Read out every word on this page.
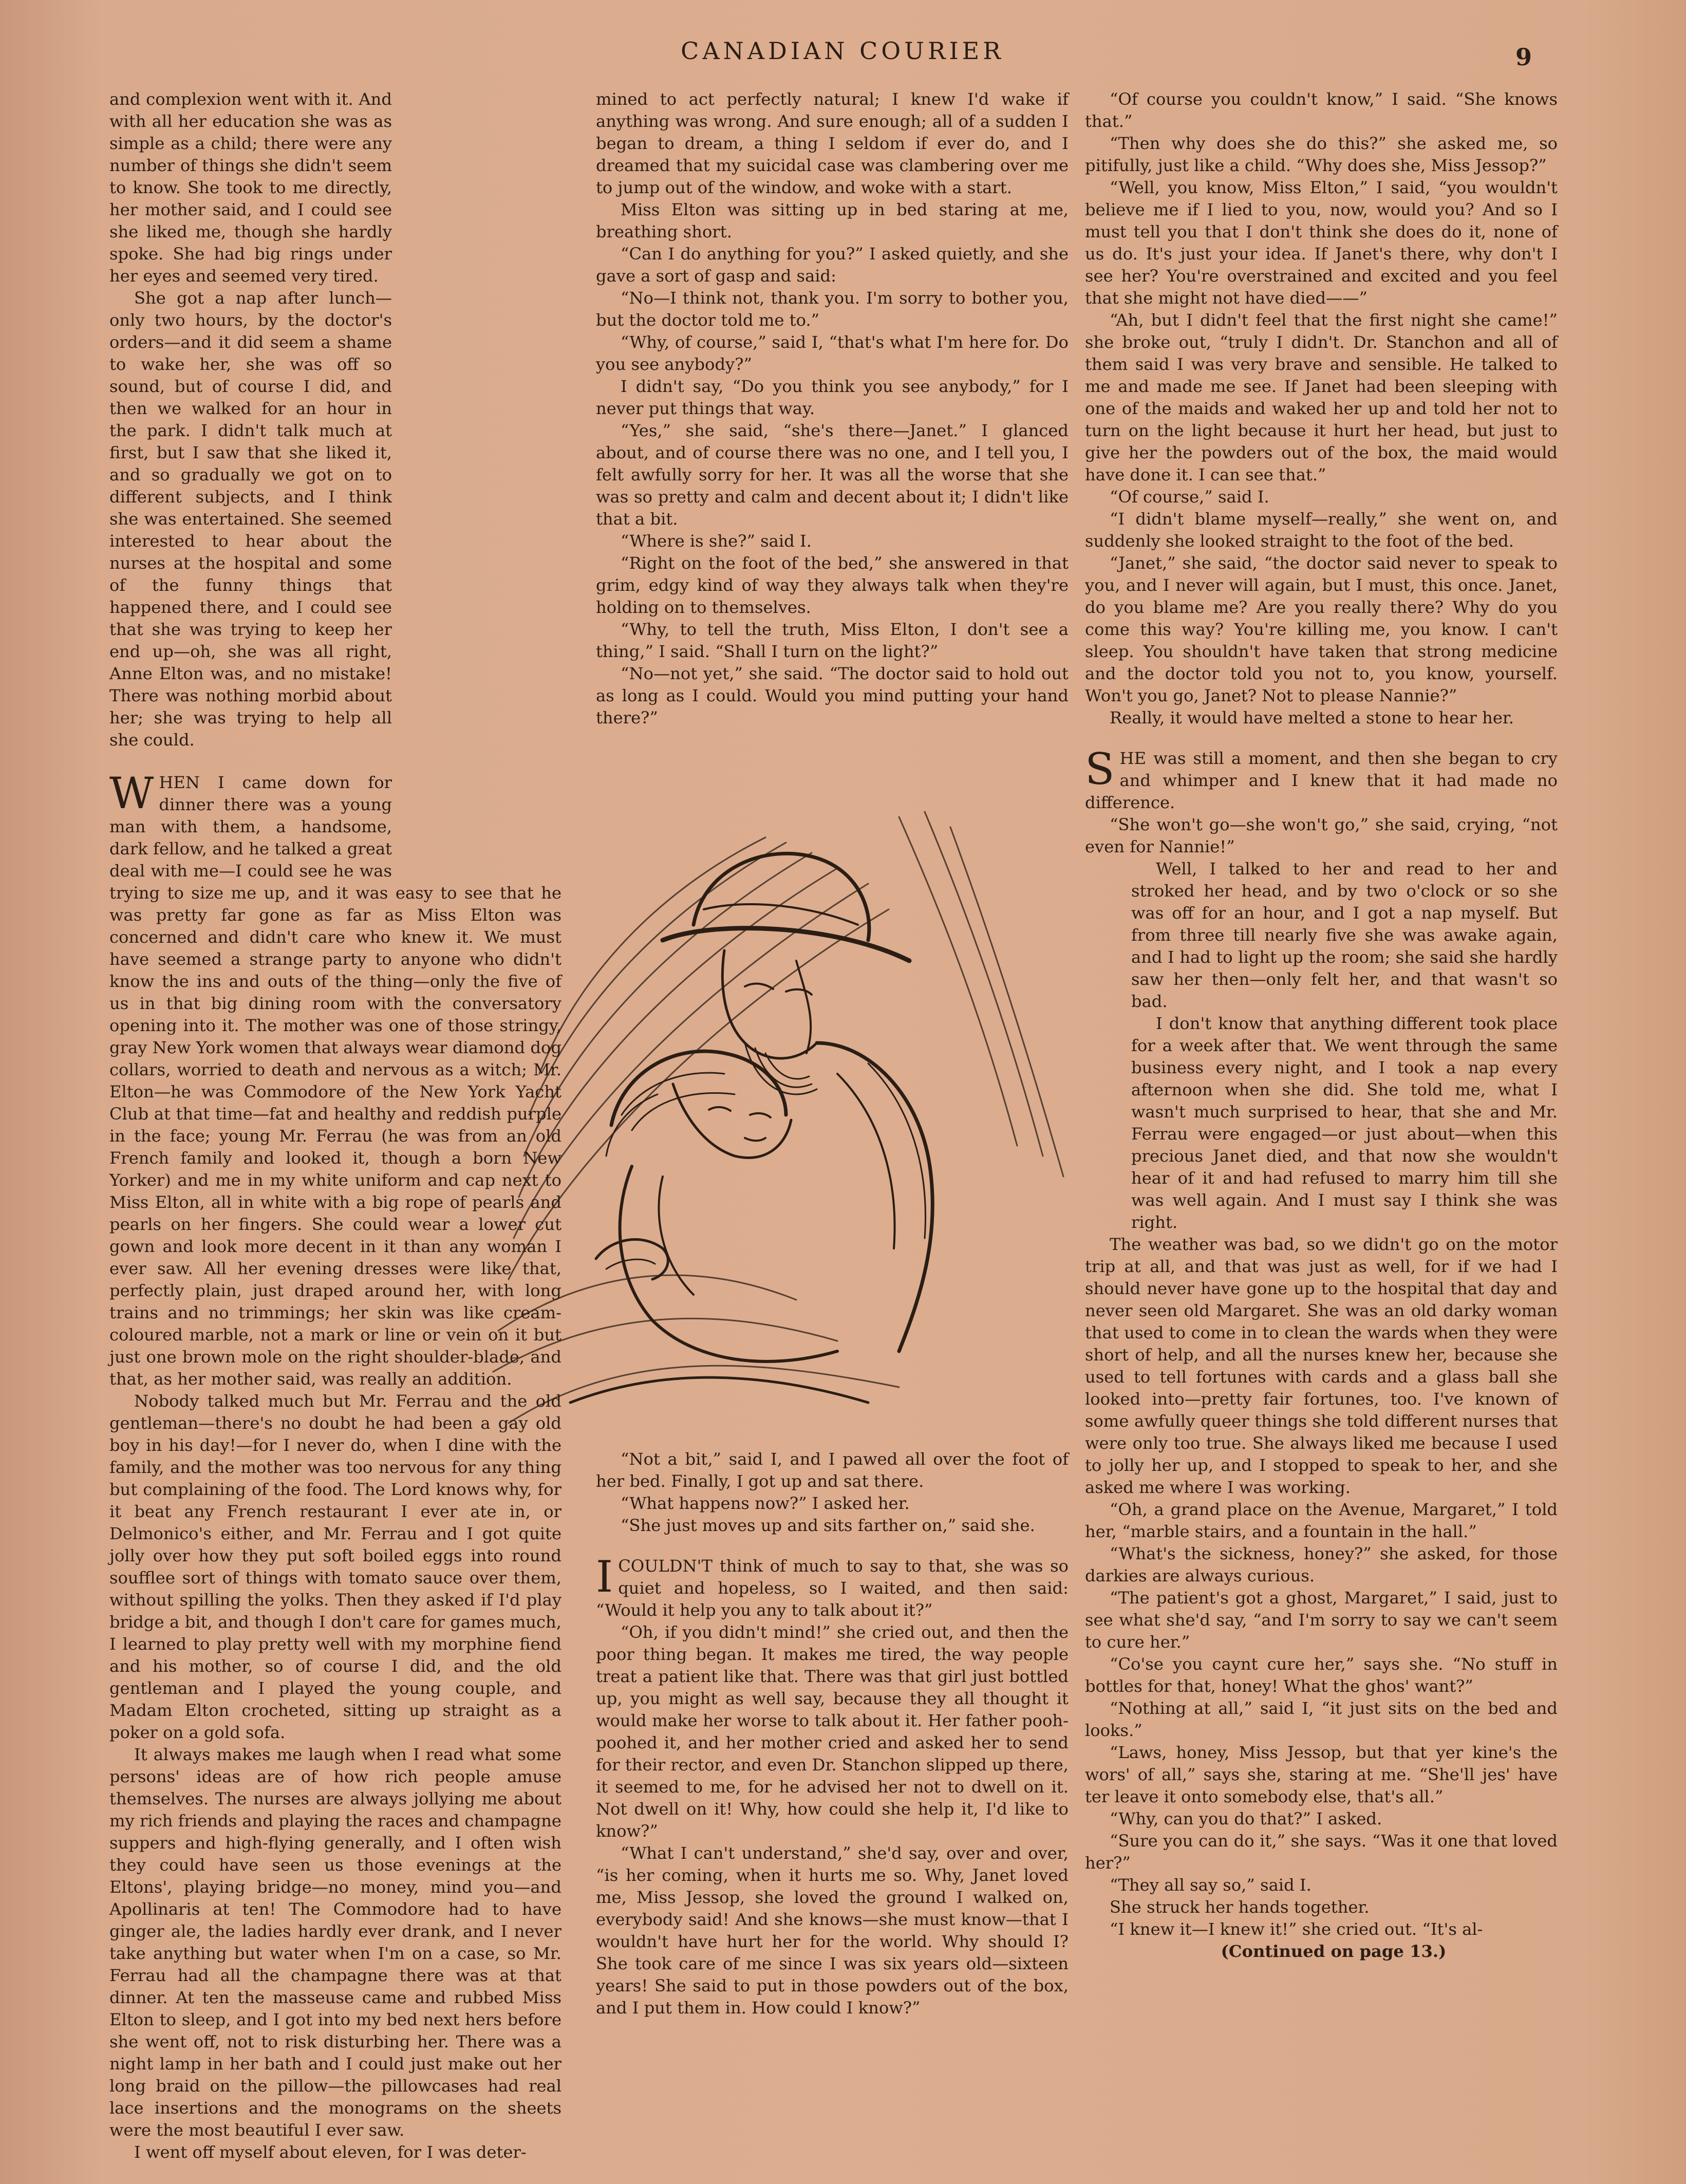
CANADIAN COURIER	9

and complexion went with it. And with all her education she was as simple as a child; there were any number of things she didn't seem to know. She took to me directly, her mother said, and I could see she liked me, though she hardly spoke. She had big rings under her eyes and seemed very tired.

She got a nap after lunch—only two hours, by the doctor's orders—and it did seem a shame to wake her, she was off so sound, but of course I did, and then we walked for an hour in the park. I didn't talk much at first, but I saw that she liked it, and so gradually we got on to different subjects, and I think she was entertained. She seemed interested to hear about the nurses at the hospital and some of the funny things that happened there, and I could see that she was trying to keep her end up—oh, she was all right, Anne Elton was, and no mistake! There was nothing morbid about her; she was trying to help all she could.

WHEN I came down for dinner there was a young man with them, a handsome, dark fellow, and he talked a great deal with me—I could see he was trying to size me up, and it was easy to see that he was pretty far gone as far as Miss Elton was concerned and didn't care who knew it. We must have seemed a strange party to anyone who didn't know the ins and outs of the thing—only the five of us in that big dining room with the conversatory opening into it. The mother was one of those stringy, gray New York women that always wear diamond dog collars, worried to death and nervous as a witch; Mr. Elton—he was Commodore of the New York Yacht Club at that time—fat and healthy and reddish purple in the face; young Mr. Ferrau (he was from an old French family and looked it, though a born New Yorker) and me in my white uniform and cap next to Miss Elton, all in white with a big rope of pearls and pearls on her fingers. She could wear a lower cut gown and look more decent in it than any woman I ever saw. All her evening dresses were like that, perfectly plain, just draped around her, with long trains and no trimmings; her skin was like cream-coloured marble, not a mark or line or vein on it but just one brown mole on the right shoulder-blade, and that, as her mother said, was really an addition.

Nobody talked much but Mr. Ferrau and the old gentleman—there's no doubt he had been a gay old boy in his day!—for I never do, when I dine with the family, and the mother was too nervous for any thing but complaining of the food. The Lord knows why, for it beat any French restaurant I ever ate in, or Delmonico's either, and Mr. Ferrau and I got quite jolly over how they put soft boiled eggs into round soufflee sort of things with tomato sauce over them, without spilling the yolks. Then they asked if I'd play bridge a bit, and though I don't care for games much, I learned to play pretty well with my morphine fiend and his mother, so of course I did, and the old gentleman and I played the young couple, and Madam Elton crocheted, sitting up straight as a poker on a gold sofa.

It always makes me laugh when I read what some persons' ideas are of how rich people amuse themselves. The nurses are always jollying me about my rich friends and playing the races and champagne suppers and high-flying generally, and I often wish they could have seen us those evenings at the Eltons', playing bridge—no money, mind you—and Apollinaris at ten! The Commodore had to have ginger ale, the ladies hardly ever drank, and I never take anything but water when I'm on a case, so Mr. Ferrau had all the champagne there was at that dinner. At ten the masseuse came and rubbed Miss Elton to sleep, and I got into my bed next hers before she went off, not to risk disturbing her. There was a night lamp in her bath and I could just make out her long braid on the pillow—the pillowcases had real lace insertions and the monograms on the sheets were the most beautiful I ever saw.

I went off myself about eleven, for I was deter-

mined to act perfectly natural; I knew I'd wake if anything was wrong. And sure enough; all of a sudden I began to dream, a thing I seldom if ever do, and I dreamed that my suicidal case was clambering over me to jump out of the window, and woke with a start.

Miss Elton was sitting up in bed staring at me, breathing short.

“Can I do anything for you?” I asked quietly, and she gave a sort of gasp and said:

“No—I think not, thank you. I'm sorry to bother you, but the doctor told me to.”

“Why, of course,” said I, “that's what I'm here for. Do you see anybody?”

I didn't say, “Do you think you see anybody,” for I never put things that way.

“Yes,” she said, “she's there—Janet.” I glanced about, and of course there was no one, and I tell you, I felt awfully sorry for her. It was all the worse that she was so pretty and calm and decent about it; I didn't like that a bit.

“Where is she?” said I.

“Right on the foot of the bed,” she answered in that grim, edgy kind of way they always talk when they're holding on to themselves.

“Why, to tell the truth, Miss Elton, I don't see a thing,” I said. “Shall I turn on the light?”

“No—not yet,” she said. “The doctor said to hold out as long as I could. Would you mind putting your hand there?”

“Not a bit,” said I, and I pawed all over the foot of her bed. Finally, I got up and sat there.

“What happens now?” I asked her.

“She just moves up and sits farther on,” said she.

ICOULDN'T think of much to say to that, she was so quiet and hopeless, so I waited, and then said: “Would it help you any to talk about it?”

“Oh, if you didn't mind!” she cried out, and then the poor thing began. It makes me tired, the way people treat a patient like that. There was that girl just bottled up, you might as well say, because they all thought it would make her worse to talk about it. Her father pooh-poohed it, and her mother cried and asked her to send for their rector, and even Dr. Stanchon slipped up there, it seemed to me, for he advised her not to dwell on it. Not dwell on it! Why, how could she help it, I'd like to know?”

“What I can't understand,” she'd say, over and over, “is her coming, when it hurts me so. Why, Janet loved me, Miss Jessop, she loved the ground I walked on, everybody said! And she knows—she must know—that I wouldn't have hurt her for the world. Why should I? She took care of me since I was six years old—sixteen years! She said to put in those powders out of the box, and I put them in. How could I know?”

“Of course you couldn't know,” I said. “She knows that.”

“Then why does she do this?” she asked me, so pitifully, just like a child. “Why does she, Miss Jessop?”

“Well, you know, Miss Elton,” I said, “you wouldn't believe me if I lied to you, now, would you? And so I must tell you that I don't think she does do it, none of us do. It's just your idea. If Janet's there, why don't I see her? You're overstrained and excited and you feel that she might not have died——”

“Ah, but I didn't feel that the first night she came!” she broke out, “truly I didn't. Dr. Stanchon and all of them said I was very brave and sensible. He talked to me and made me see. If Janet had been sleeping with one of the maids and waked her up and told her not to turn on the light because it hurt her head, but just to give her the powders out of the box, the maid would have done it. I can see that.”

“Of course,” said I.

“I didn't blame myself—really,” she went on, and suddenly she looked straight to the foot of the bed.

“Janet,” she said, “the doctor said never to speak to you, and I never will again, but I must, this once. Janet, do you blame me? Are you really there? Why do you come this way? You're killing me, you know. I can't sleep. You shouldn't have taken that strong medicine and the doctor told you not to, you know, yourself. Won't you go, Janet? Not to please Nannie?”

Really, it would have melted a stone to hear her.

SHE was still a moment, and then she began to cry and whimper and I knew that it had made no difference.

“She won't go—she won't go,” she said, crying, “not even for Nannie!”

Well, I talked to her and read to her and stroked her head, and by two o'clock or so she was off for an hour, and I got a nap myself. But from three till nearly five she was awake again, and I had to light up the room; she said she hardly saw her then—only felt her, and that wasn't so bad.

I don't know that anything different took place for a week after that. We went through the same business every night, and I took a nap every afternoon when she did. She told me, what I wasn't much surprised to hear, that she and Mr. Ferrau were engaged—or just about—when this precious Janet died, and that now she wouldn't hear of it and had refused to marry him till she was well again. And I must say I think she was right.

The weather was bad, so we didn't go on the motor trip at all, and that was just as well, for if we had I should never have gone up to the hospital that day and never seen old Margaret. She was an old darky woman that used to come in to clean the wards when they were short of help, and all the nurses knew her, because she used to tell fortunes with cards and a glass ball she looked into—pretty fair fortunes, too. I've known of some awfully queer things she told different nurses that were only too true. She always liked me because I used to jolly her up, and I stopped to speak to her, and she asked me where I was working.

“Oh, a grand place on the Avenue, Margaret,” I told her, “marble stairs, and a fountain in the hall.”

“What's the sickness, honey?” she asked, for those darkies are always curious.

“The patient's got a ghost, Margaret,” I said, just to see what she'd say, “and I'm sorry to say we can't seem to cure her.”

“Co'se you caynt cure her,” says she. “No stuff in bottles for that, honey! What the ghos' want?”

“Nothing at all,” said I, “it just sits on the bed and looks.”

“Laws, honey, Miss Jessop, but that yer kine's the wors' of all,” says she, staring at me. “She'll jes' have ter leave it onto somebody else, that's all.”

“Why, can you do that?” I asked.

“Sure you can do it,” she says. “Was it one that loved her?”

“They all say so,” said I.

She struck her hands together.

“I knew it—I knew it!” she cried out. “It's al-

(Continued on page 13.)
